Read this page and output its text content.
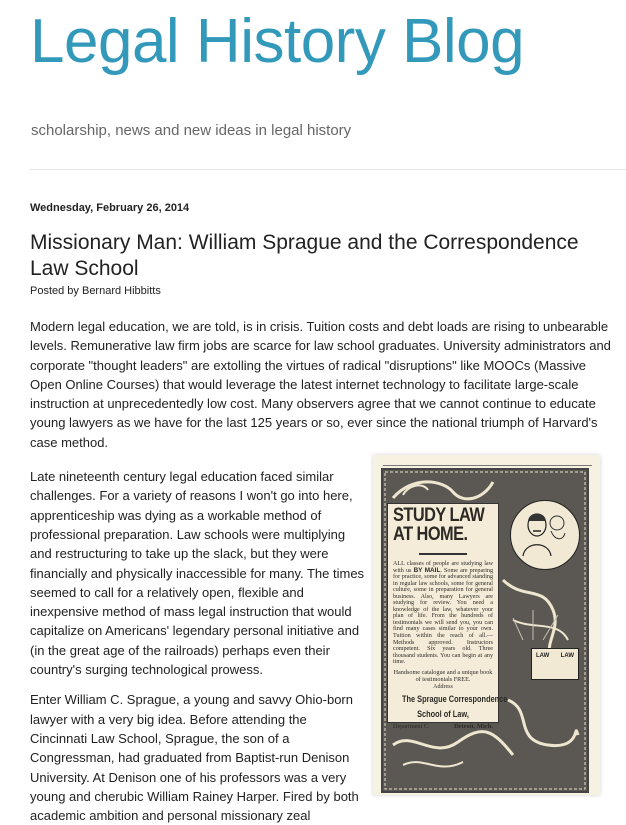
Legal History Blog
scholarship, news and new ideas in legal history
Wednesday, February 26, 2014
Missionary Man: William Sprague and the Correspondence Law School
Posted by Bernard Hibbitts

Modern legal education, we are told, is in crisis. Tuition costs and debt loads are rising to unbearable levels. Remunerative law firm jobs are scarce for law school graduates. University administrators and corporate "thought leaders" are extolling the virtues of radical "disruptions" like MOOCs (Massive Open Online Courses) that would leverage the latest internet technology to facilitate large-scale instruction at unprecedentedly low cost. Many observers agree that we cannot continue to educate young lawyers as we have for the last 125 years or so, ever since the national triumph of Harvard's case method.

Late nineteenth century legal education faced similar challenges. For a variety of reasons I won't go into here, apprenticeship was dying as a workable method of professional preparation. Law schools were multiplying and restructuring to take up the slack, but they were financially and physically inaccessible for many. The times seemed to call for a relatively open, flexible and inexpensive method of mass legal instruction that would capitalize on Americans' legendary personal initiative and (in the great age of the railroads) perhaps even their country's surging technological prowess.

Enter William C. Sprague, a young and savvy Ohio-born lawyer with a very big idea. Before attending the Cincinnati Law School, Sprague, the son of a Congressman, had graduated from Baptist-run Denison University. At Denison one of his professors was a very young and cherubic William Rainey Harper. Fired by both academic ambition and personal missionary zeal

LAW LAW
STUDY LAW
AT HOME.
ALL classes of people are studying law with us BY MAIL. Some are preparing for practice, some for advanced standing in regular law schools, some for general culture, some in preparation for general business. Also, many Lawyers are studying for review. You need a knowledge of the law, whatever your plan of life. From the hundreds of testimonials we will send you, you can find many cases similar to your own. Tuition within the reach of all.—Methods approved. Instructors competent. Six years old. Three thousand students. You can begin at any time.
Handsome catalogue and a unique book of testimonials FREE.
Address
The Sprague Correspondence
School of Law,
Department C.	Detroit, Mich.
